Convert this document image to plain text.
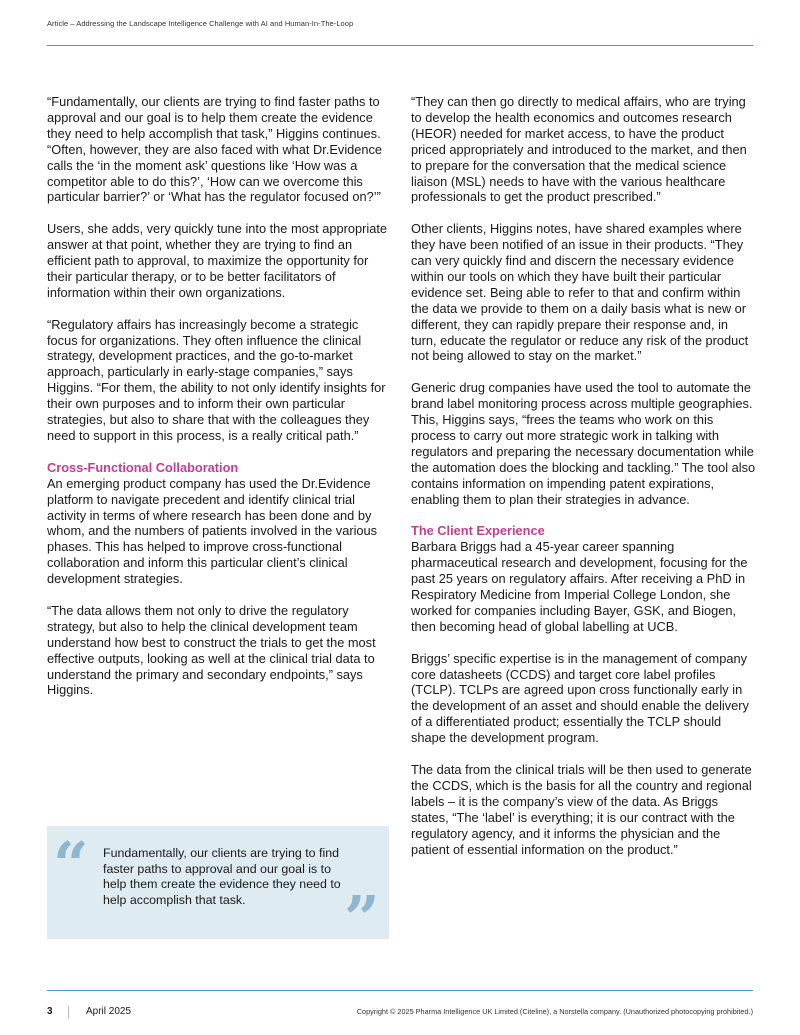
Article – Addressing the Landscape Intelligence Challenge with AI and Human-In-The-Loop

“Fundamentally, our clients are trying to find faster paths to approval and our goal is to help them create the evidence they need to help accomplish that task,” Higgins continues. “Often, however, they are also faced with what Dr.Evidence calls the ‘in the moment ask’ questions like ‘How was a competitor able to do this?’, ‘How can we overcome this particular barrier?’ or ‘What has the regulator focused on?’”

Users, she adds, very quickly tune into the most appropriate answer at that point, whether they are trying to find an efficient path to approval, to maximize the opportunity for their particular therapy, or to be better facilitators of information within their own organizations.

“Regulatory affairs has increasingly become a strategic focus for organizations. They often influence the clinical strategy, development practices, and the go-to-market approach, particularly in early-stage companies,” says Higgins. “For them, the ability to not only identify insights for their own purposes and to inform their own particular strategies, but also to share that with the colleagues they need to support in this process, is a really critical path.”

Cross-Functional Collaboration

An emerging product company has used the Dr.Evidence platform to navigate precedent and identify clinical trial activity in terms of where research has been done and by whom, and the numbers of patients involved in the various phases. This has helped to improve cross-functional collaboration and inform this particular client’s clinical development strategies.

“The data allows them not only to drive the regulatory strategy, but also to help the clinical development team understand how best to construct the trials to get the most effective outputs, looking as well at the clinical trial data to understand the primary and secondary endpoints,” says Higgins.

“ Fundamentally, our clients are trying to find faster paths to approval and our goal is to help them create the evidence they need to help accomplish that task.	”

“They can then go directly to medical affairs, who are trying to develop the health economics and outcomes research (HEOR) needed for market access, to have the product priced appropriately and introduced to the market, and then to prepare for the conversation that the medical science liaison (MSL) needs to have with the various healthcare professionals to get the product prescribed.”

Other clients, Higgins notes, have shared examples where they have been notified of an issue in their products. “They can very quickly find and discern the necessary evidence within our tools on which they have built their particular evidence set. Being able to refer to that and confirm within the data we provide to them on a daily basis what is new or different, they can rapidly prepare their response and, in turn, educate the regulator or reduce any risk of the product not being allowed to stay on the market.”

Generic drug companies have used the tool to automate the brand label monitoring process across multiple geographies. This, Higgins says, “frees the teams who work on this process to carry out more strategic work in talking with regulators and preparing the necessary documentation while the automation does the blocking and tackling.” The tool also contains information on impending patent expirations, enabling them to plan their strategies in advance.

The Client Experience

Barbara Briggs had a 45-year career spanning pharmaceutical research and development, focusing for the past 25 years on regulatory affairs. After receiving a PhD in Respiratory Medicine from Imperial College London, she worked for companies including Bayer, GSK, and Biogen, then becoming head of global labelling at UCB.

Briggs’ specific expertise is in the management of company core datasheets (CCDS) and target core label profiles (TCLP). TCLPs are agreed upon cross functionally early in the development of an asset and should enable the delivery of a differentiated product; essentially the TCLP should shape the development program.

The data from the clinical trials will be then used to generate the CCDS, which is the basis for all the country and regional labels – it is the company’s view of the data. As Briggs states, “The ‘label’ is everything; it is our contract with the regulatory agency, and it informs the physician and the patient of essential information on the product.”

3	April 2025	Copyright © 2025 Pharma Intelligence UK Limited (Citeline), a Norstella company. (Unauthorized photocopying prohibited.)
